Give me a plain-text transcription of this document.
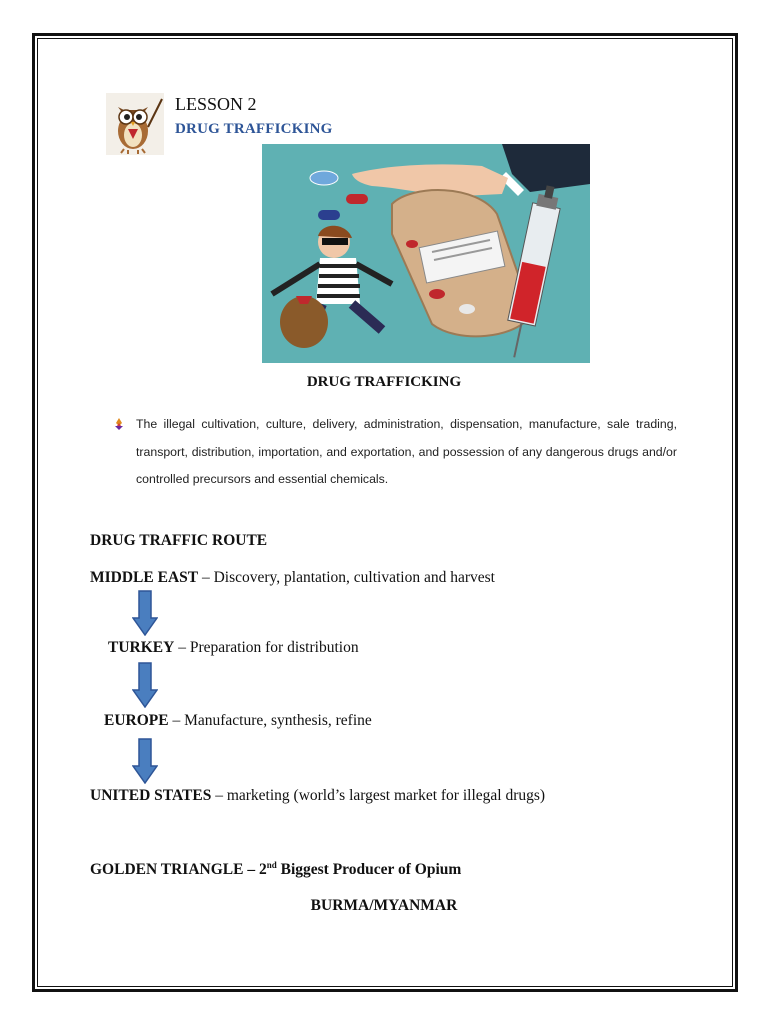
LESSON 2
DRUG TRAFFICKING
DRUG TRAFFICKING
The illegal cultivation, culture, delivery, administration, dispensation, manufacture, sale trading, transport, distribution, importation, and exportation, and possession of any dangerous drugs and/or controlled precursors and essential chemicals.
DRUG TRAFFIC ROUTE
MIDDLE EAST – Discovery, plantation, cultivation and harvest
TURKEY – Preparation for distribution
EUROPE – Manufacture, synthesis, refine
UNITED STATES – marketing (world’s largest market for illegal drugs)
GOLDEN TRIANGLE – 2nd Biggest Producer of Opium
BURMA/MYANMAR
